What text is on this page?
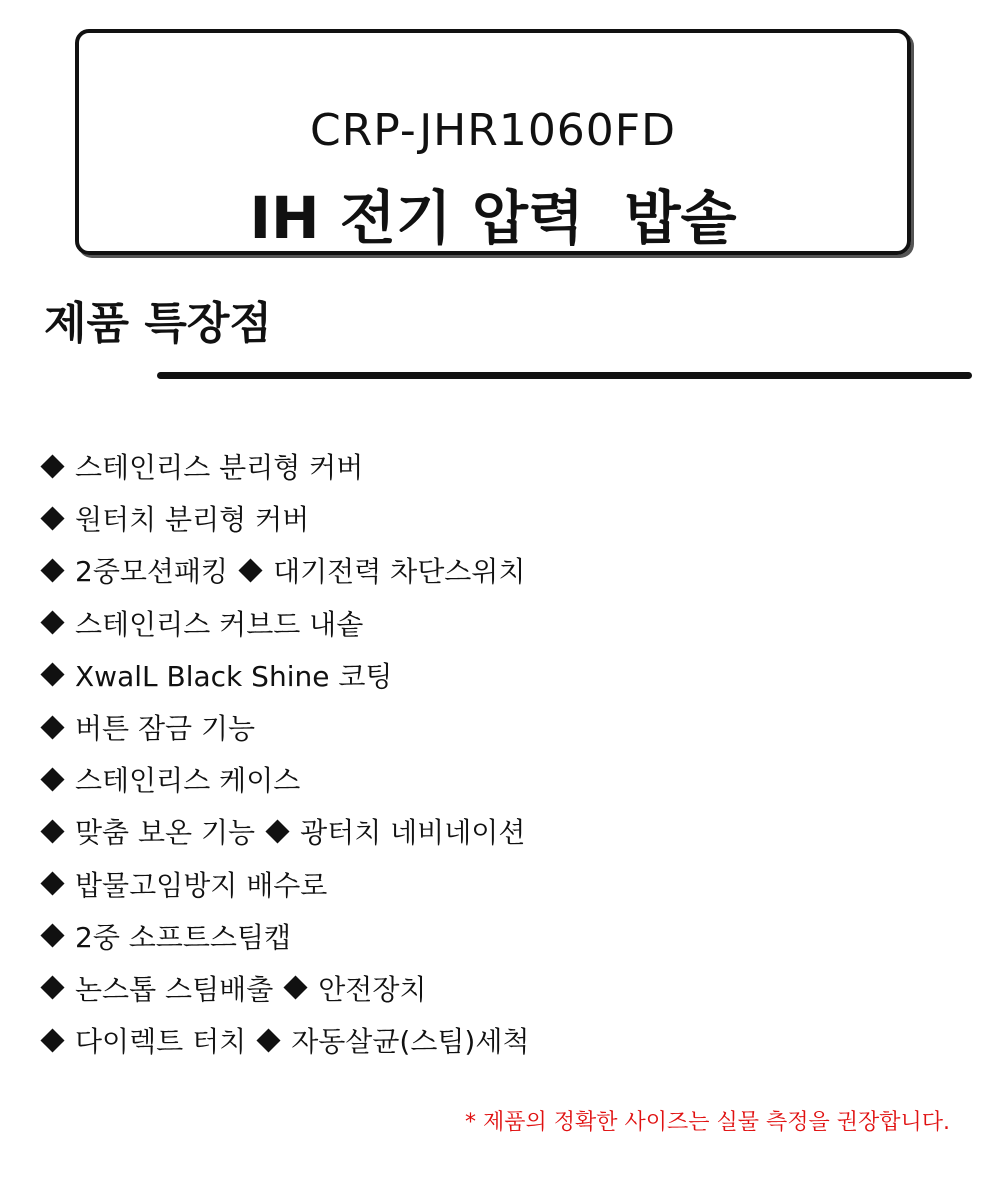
CRP-JHR1060FD
IH 전기 압력  밥솥
제품 특장점
스테인리스 분리형 커버
원터치 분리형 커버
2중모션패킹 대기전력 차단스위치
스테인리스 커브드 내솥
XwalL Black Shine 코팅
버튼 잠금 기능
스테인리스 케이스
맞춤 보온 기능 광터치 네비네이션
밥물고임방지 배수로
2중 소프트스팀캡
논스톱 스팀배출 안전장치
다이렉트 터치 자동살균(스팀)세척
* 제품의 정확한 사이즈는 실물 측정을 권장합니다.
